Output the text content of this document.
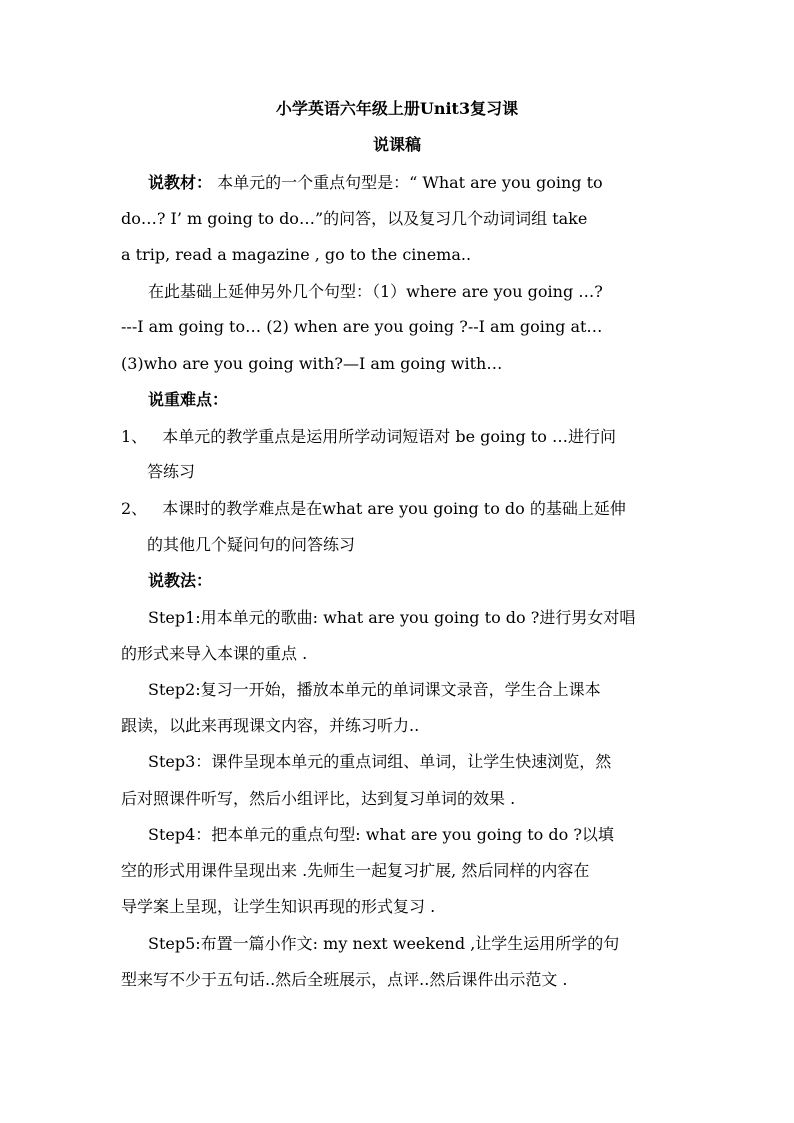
小学英语六年级上册Unit3复习课
说课稿
说教材： 本单元的一个重点句型是：“ What are you going to
do…? I’ m going to do…”的问答，以及复习几个动词词组 take
a trip, read a magazine , go to the cinema..
在此基础上延伸另外几个句型：（1）where are you going …?
---I am going to… (2) when are you going ?--I am going at…
(3)who are you going with?—I am going with…
说重难点：
1、 本单元的教学重点是运用所学动词短语对 be going to …进行问
答练习
2、 本课时的教学难点是在what are you going to do 的基础上延伸
的其他几个疑问句的问答练习
说教法：
Step1:用本单元的歌曲: what are you going to do ?进行男女对唱
的形式来导入本课的重点 .
Step2:复习一开始，播放本单元的单词课文录音，学生合上课本
跟读，以此来再现课文内容，并练习听力..
Step3：课件呈现本单元的重点词组、单词，让学生快速浏览，然
后对照课件听写，然后小组评比，达到复习单词的效果 .
Step4：把本单元的重点句型: what are you going to do ?以填
空的形式用课件呈现出来 .先师生一起复习扩展, 然后同样的内容在
导学案上呈现，让学生知识再现的形式复习 .
Step5:布置一篇小作文: my next weekend ,让学生运用所学的句
型来写不少于五句话..然后全班展示，点评..然后课件出示范文 .
